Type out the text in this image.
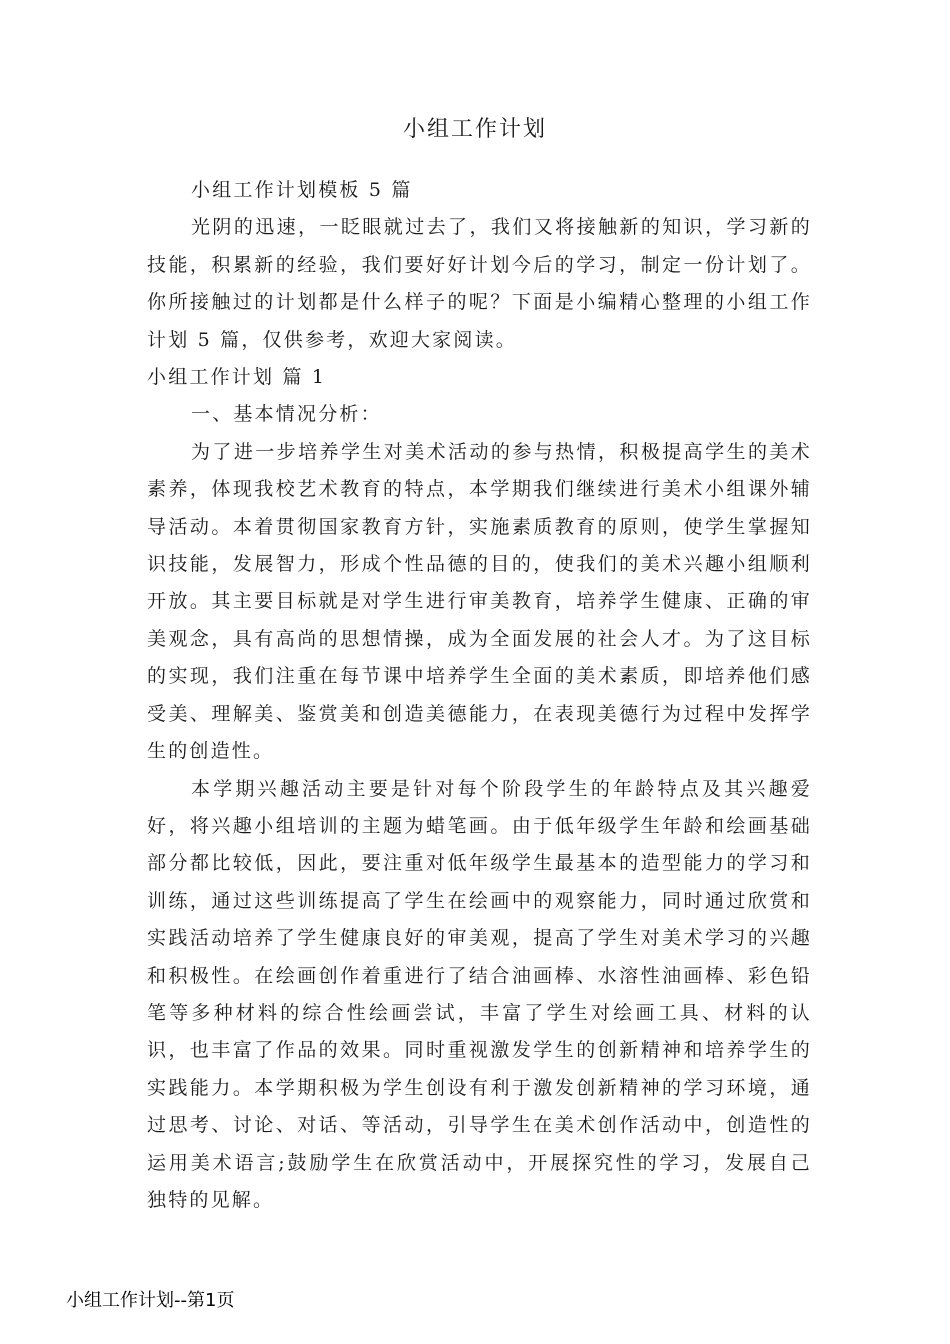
小组工作计划

小组工作计划模板 5 篇

光阴的迅速，一眨眼就过去了，我们又将接触新的知识，学习新的技能，积累新的经验，我们要好好计划今后的学习，制定一份计划了。你所接触过的计划都是什么样子的呢？下面是小编精心整理的小组工作计划 5 篇，仅供参考，欢迎大家阅读。

小组工作计划 篇 1

一、基本情况分析：

为了进一步培养学生对美术活动的参与热情，积极提高学生的美术素养，体现我校艺术教育的特点，本学期我们继续进行美术小组课外辅导活动。本着贯彻国家教育方针，实施素质教育的原则，使学生掌握知识技能，发展智力，形成个性品德的目的，使我们的美术兴趣小组顺利开放。其主要目标就是对学生进行审美教育，培养学生健康、正确的审美观念，具有高尚的思想情操，成为全面发展的社会人才。为了这目标的实现，我们注重在每节课中培养学生全面的美术素质，即培养他们感受美、理解美、鉴赏美和创造美德能力，在表现美德行为过程中发挥学生的创造性。

本学期兴趣活动主要是针对每个阶段学生的年龄特点及其兴趣爱好，将兴趣小组培训的主题为蜡笔画。由于低年级学生年龄和绘画基础部分都比较低，因此，要注重对低年级学生最基本的造型能力的学习和训练，通过这些训练提高了学生在绘画中的观察能力，同时通过欣赏和实践活动培养了学生健康良好的审美观，提高了学生对美术学习的兴趣和积极性。在绘画创作着重进行了结合油画棒、水溶性油画棒、彩色铅笔等多种材料的综合性绘画尝试，丰富了学生对绘画工具、材料的认识，也丰富了作品的效果。同时重视激发学生的创新精神和培养学生的实践能力。本学期积极为学生创设有利于激发创新精神的学习环境，通过思考、讨论、对话、等活动，引导学生在美术创作活动中，创造性的运用美术语言;鼓励学生在欣赏活动中，开展探究性的学习，发展自己独特的见解。

小组工作计划--第1页
